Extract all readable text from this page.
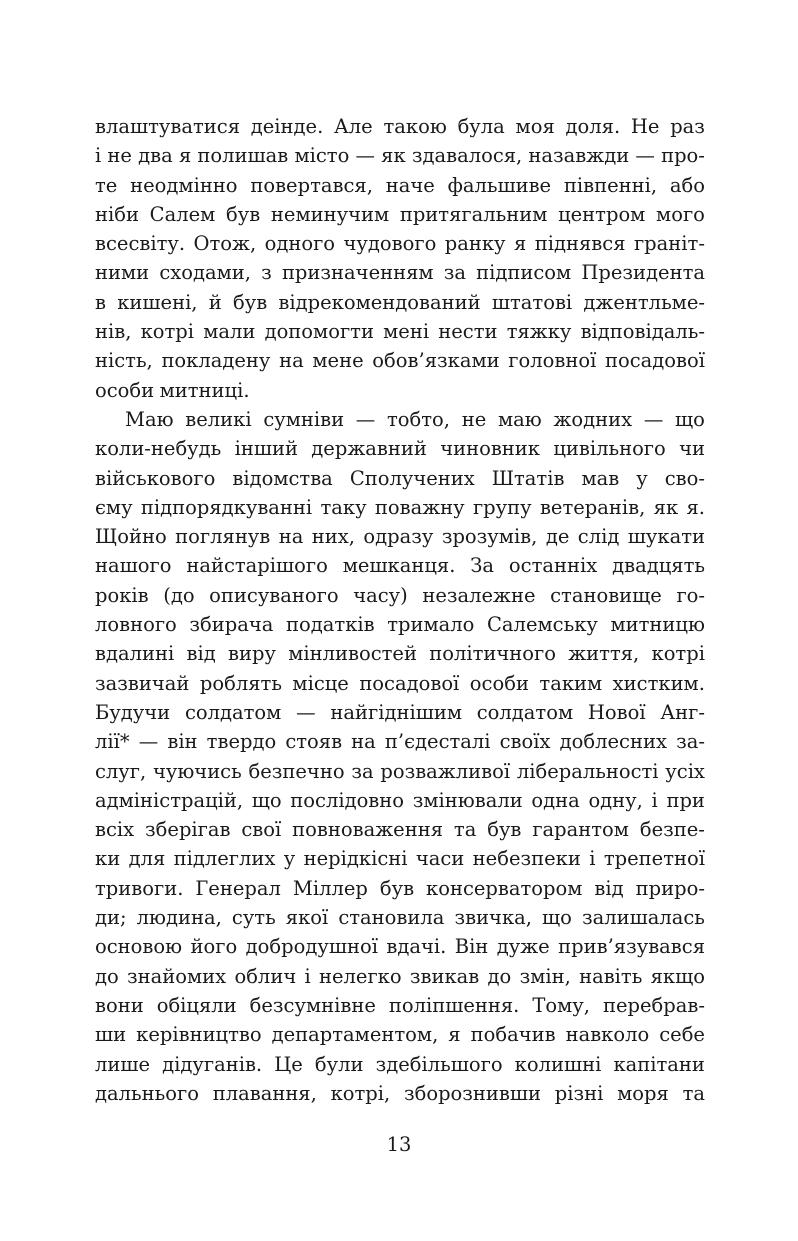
влаштуватися деінде. Але такою була моя доля. Не раз
і не два я полишав місто — як здавалося, назавжди — про-
те неодмінно повертався, наче фальшиве півпенні, або
ніби Салем був неминучим притягальним центром мого
всесвіту. Отож, одного чудового ранку я піднявся граніт-
ними сходами, з призначенням за підписом Президента
в кишені, й був відрекомендований штатові джентльме-
нів, котрі мали допомогти мені нести тяжку відповідаль-
ність, покладену на мене обов’язками головної посадової
особи митниці.
Маю великі сумніви — тобто, не маю жодних — що
коли-небудь інший державний чиновник цивільного чи
військового відомства Сполучених Штатів мав у сво-
єму підпорядкуванні таку поважну групу ветеранів, як я.
Щойно поглянув на них, одразу зрозумів, де слід шукати
нашого найстарішого мешканця. За останніх двадцять
років (до описуваного часу) незалежне становище го-
ловного збирача податків тримало Салемську митницю
вдалині від виру мінливостей політичного життя, котрі
зазвичай роблять місце посадової особи таким хистким.
Будучи солдатом — найгіднішим солдатом Нової Анг-
лії* — він твердо стояв на п’єдесталі своїх доблесних за-
слуг, чуючись безпечно за розважливої ліберальності усіх
адміністрацій, що послідовно змінювали одна одну, і при
всіх зберігав свої повноваження та був гарантом безпе-
ки для підлеглих у нерідкісні часи небезпеки і трепетної
тривоги. Генерал Міллер був консерватором від приро-
ди; людина, суть якої становила звичка, що залишалась
основою його добродушної вдачі. Він дуже прив’язувався
до знайомих облич і нелегко звикав до змін, навіть якщо
вони обіцяли безсумнівне поліпшення. Тому, перебрав-
ши керівництво департаментом, я побачив навколо себе
лише дідуганів. Це були здебільшого колишні капітани
дальнього плавання, котрі, зборознивши різні моря та
13
